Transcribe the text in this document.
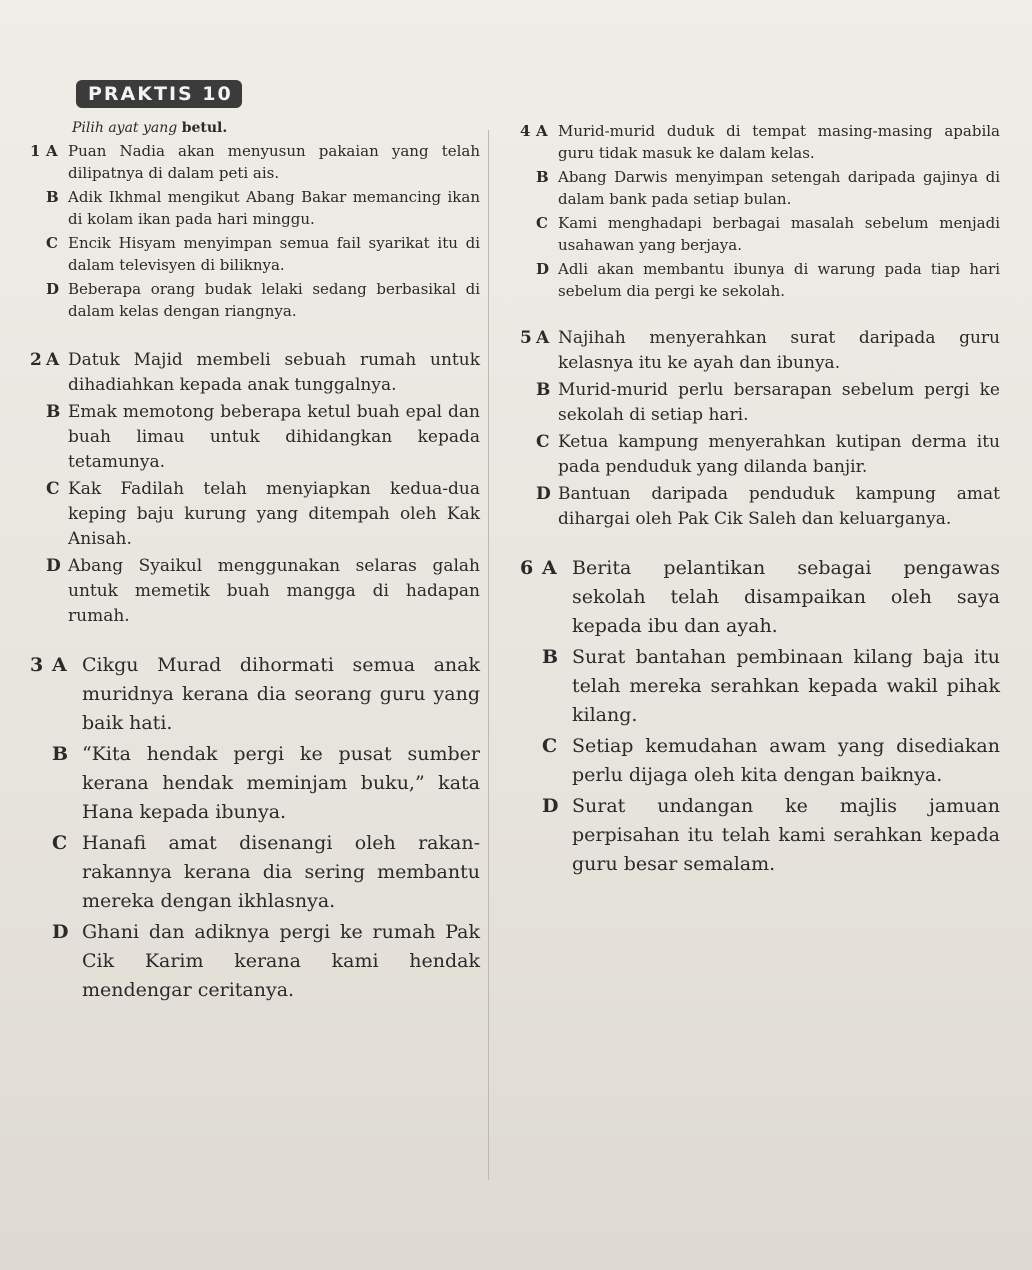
PRAKTIS 10
Pilih ayat yang betul.
1 A Puan Nadia akan menyusun pakaian yang telah dilipatnya di dalam peti ais.
B Adik Ikhmal mengikut Abang Bakar memancing ikan di kolam ikan pada hari minggu.
C Encik Hisyam menyimpan semua fail syarikat itu di dalam televisyen di biliknya.
D Beberapa orang budak lelaki sedang berbasikal di dalam kelas dengan riangnya.
2 A Datuk Majid membeli sebuah rumah untuk dihadiahkan kepada anak tunggalnya.
B Emak memotong beberapa ketul buah epal dan buah limau untuk dihidangkan kepada tetamunya.
C Kak Fadilah telah menyiapkan kedua-dua keping baju kurung yang ditempah oleh Kak Anisah.
D Abang Syaikul menggunakan selaras galah untuk memetik buah mangga di hadapan rumah.
3 A Cikgu Murad dihormati semua anak muridnya kerana dia seorang guru yang baik hati.
B “Kita hendak pergi ke pusat sumber kerana hendak meminjam buku,” kata Hana kepada ibunya.
C Hanafi amat disenangi oleh rakan-rakannya kerana dia sering membantu mereka dengan ikhlasnya.
D Ghani dan adiknya pergi ke rumah Pak Cik Karim kerana kami hendak mendengar ceritanya.
4 A Murid-murid duduk di tempat masing-masing apabila guru tidak masuk ke dalam kelas.
B Abang Darwis menyimpan setengah daripada gajinya di dalam bank pada setiap bulan.
C Kami menghadapi berbagai masalah sebelum menjadi usahawan yang berjaya.
D Adli akan membantu ibunya di warung pada tiap hari sebelum dia pergi ke sekolah.
5 A Najihah menyerahkan surat daripada guru kelasnya itu ke ayah dan ibunya.
B Murid-murid perlu bersarapan sebelum pergi ke sekolah di setiap hari.
C Ketua kampung menyerahkan kutipan derma itu pada penduduk yang dilanda banjir.
D Bantuan daripada penduduk kampung amat dihargai oleh Pak Cik Saleh dan keluarganya.
6 A Berita pelantikan sebagai pengawas sekolah telah disampaikan oleh saya kepada ibu dan ayah.
B Surat bantahan pembinaan kilang baja itu telah mereka serahkan kepada wakil pihak kilang.
C Setiap kemudahan awam yang disediakan perlu dijaga oleh kita dengan baiknya.
D Surat undangan ke majlis jamuan perpisahan itu telah kami serahkan kepada guru besar semalam.
